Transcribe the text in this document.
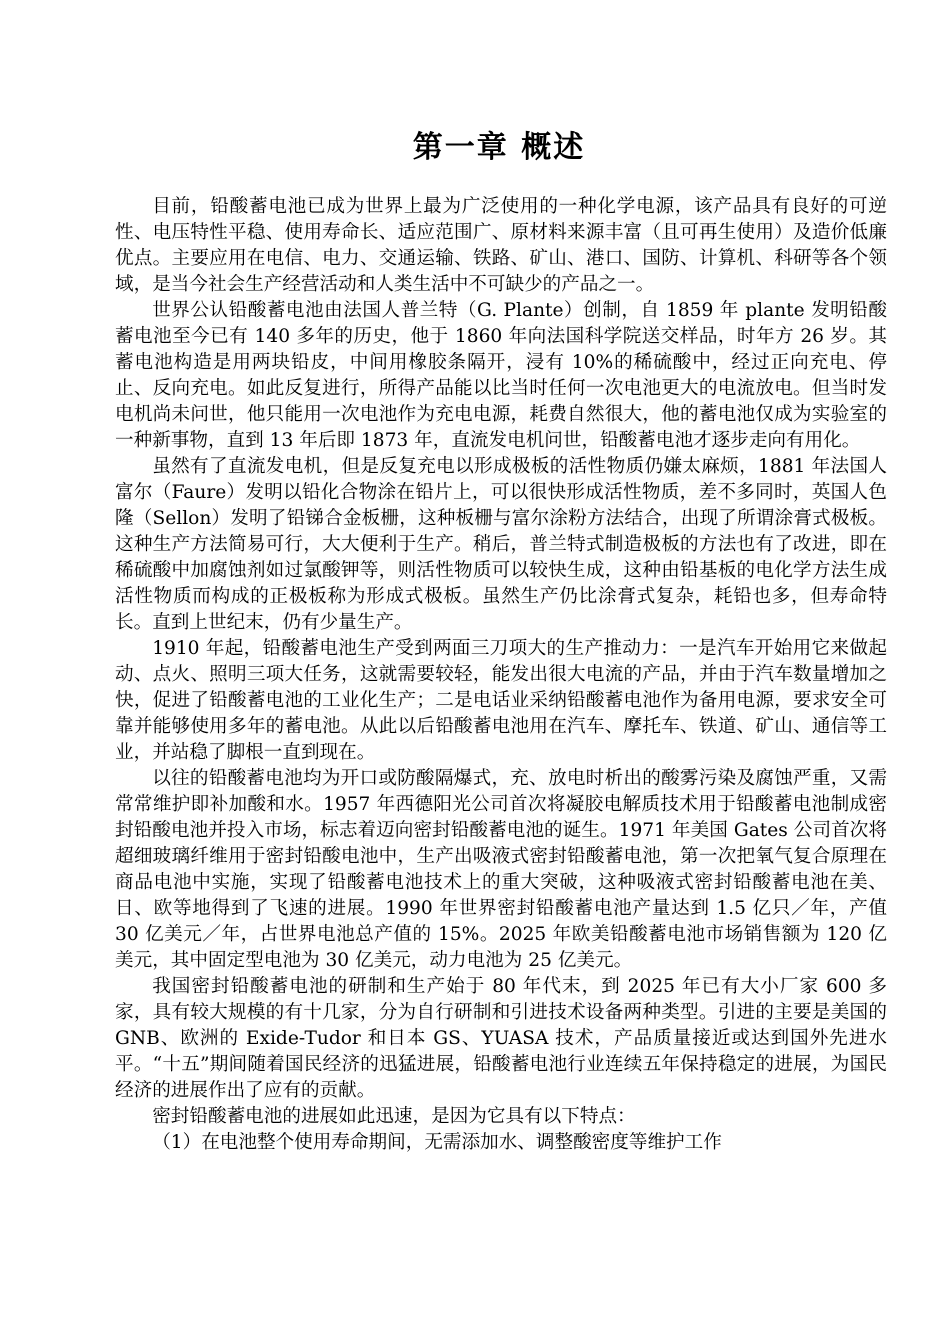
第一章 概述

目前，铅酸蓄电池已成为世界上最为广泛使用的一种化学电源，该产品具有良好的可逆性、电压特性平稳、使用寿命长、适应范围广、原材料来源丰富（且可再生使用）及造价低廉优点。主要应用在电信、电力、交通运输、铁路、矿山、港口、国防、计算机、科研等各个领域，是当今社会生产经营活动和人类生活中不可缺少的产品之一。

世界公认铅酸蓄电池由法国人普兰特（G. Plante）创制，自 1859 年 plante 发明铅酸蓄电池至今已有 140 多年的历史，他于 1860 年向法国科学院送交样品，时年方 26 岁。其蓄电池构造是用两块铅皮，中间用橡胶条隔开，浸有 10%的稀硫酸中，经过正向充电、停止、反向充电。如此反复进行，所得产品能以比当时任何一次电池更大的电流放电。但当时发电机尚未问世，他只能用一次电池作为充电电源，耗费自然很大，他的蓄电池仅成为实验室的一种新事物，直到 13 年后即 1873 年，直流发电机问世，铅酸蓄电池才逐步走向有用化。

虽然有了直流发电机，但是反复充电以形成极板的活性物质仍嫌太麻烦，1881 年法国人富尔（Faure）发明以铅化合物涂在铅片上，可以很快形成活性物质，差不多同时，英国人色隆（Sellon）发明了铅锑合金板栅，这种板栅与富尔涂粉方法结合，出现了所谓涂膏式极板。这种生产方法简易可行，大大便利于生产。稍后，普兰特式制造极板的方法也有了改进，即在稀硫酸中加腐蚀剂如过氯酸钾等，则活性物质可以较快生成，这种由铅基板的电化学方法生成活性物质而构成的正极板称为形成式极板。虽然生产仍比涂膏式复杂，耗铅也多，但寿命特长。直到上世纪末，仍有少量生产。

1910 年起，铅酸蓄电池生产受到两面三刀项大的生产推动力：一是汽车开始用它来做起动、点火、照明三项大任务，这就需要较轻，能发出很大电流的产品，并由于汽车数量增加之快，促进了铅酸蓄电池的工业化生产；二是电话业采纳铅酸蓄电池作为备用电源，要求安全可靠并能够使用多年的蓄电池。从此以后铅酸蓄电池用在汽车、摩托车、铁道、矿山、通信等工业，并站稳了脚根一直到现在。

以往的铅酸蓄电池均为开口或防酸隔爆式，充、放电时析出的酸雾污染及腐蚀严重，又需常常维护即补加酸和水。1957 年西德阳光公司首次将凝胶电解质技术用于铅酸蓄电池制成密封铅酸电池并投入市场，标志着迈向密封铅酸蓄电池的诞生。1971 年美国 Gates 公司首次将超细玻璃纤维用于密封铅酸电池中，生产出吸液式密封铅酸蓄电池，第一次把氧气复合原理在商品电池中实施，实现了铅酸蓄电池技术上的重大突破，这种吸液式密封铅酸蓄电池在美、日、欧等地得到了飞速的进展。1990 年世界密封铅酸蓄电池产量达到 1.5 亿只／年，产值 30 亿美元／年，占世界电池总产值的 15%。2025 年欧美铅酸蓄电池市场销售额为 120 亿美元，其中固定型电池为 30 亿美元，动力电池为 25 亿美元。

我国密封铅酸蓄电池的研制和生产始于 80 年代末，到 2025 年已有大小厂家 600 多家，具有较大规模的有十几家，分为自行研制和引进技术设备两种类型。引进的主要是美国的 GNB、欧洲的 Exide-Tudor 和日本 GS、YUASA 技术，产品质量接近或达到国外先进水平。“十五”期间随着国民经济的迅猛进展，铅酸蓄电池行业连续五年保持稳定的进展，为国民经济的进展作出了应有的贡献。

密封铅酸蓄电池的进展如此迅速，是因为它具有以下特点：

（1）在电池整个使用寿命期间，无需添加水、调整酸密度等维护工作
